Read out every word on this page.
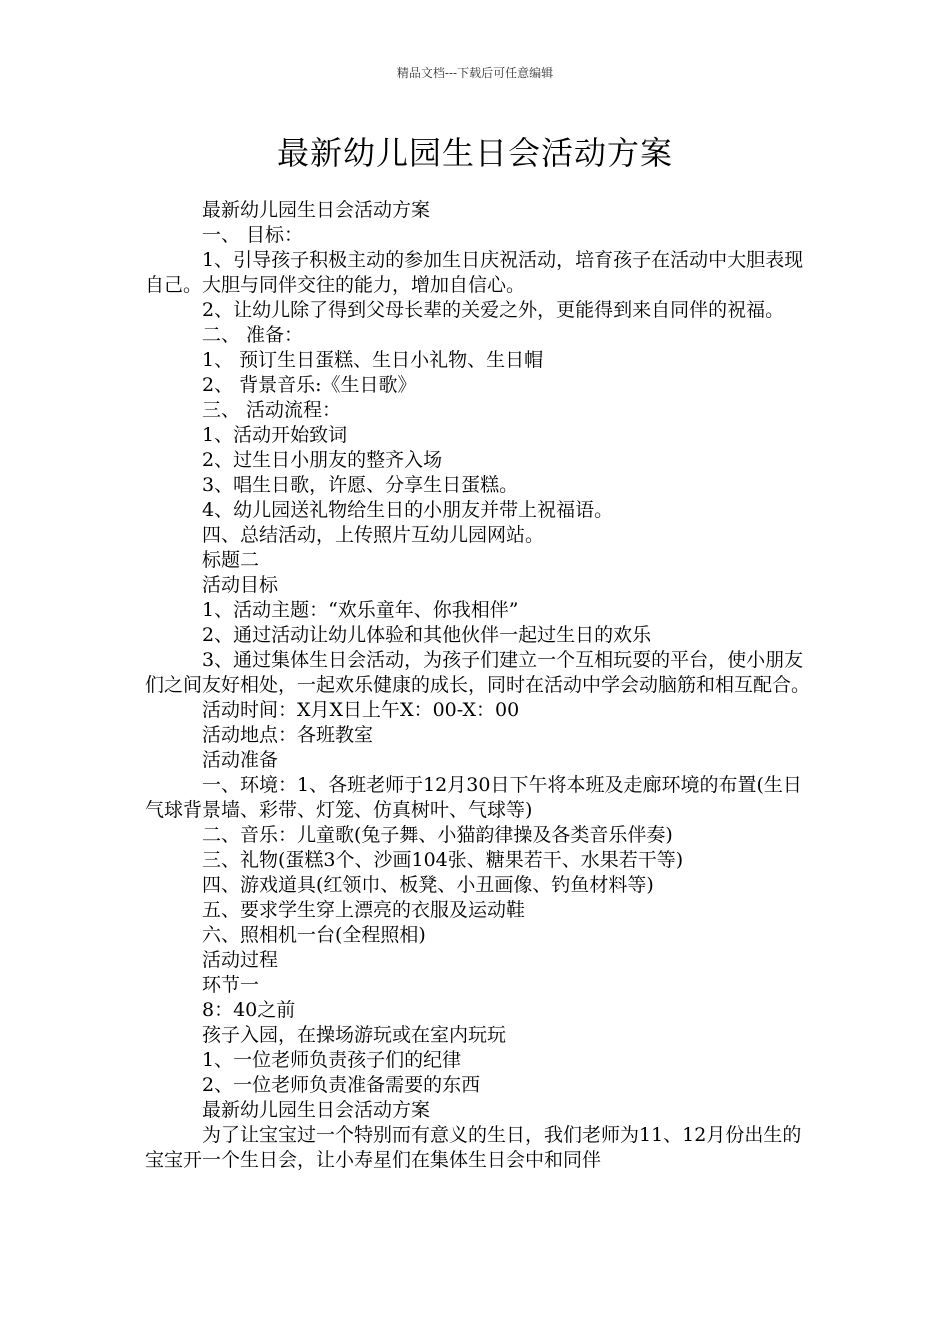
精品文档---下载后可任意编辑
最新幼儿园生日会活动方案

最新幼儿园生日会活动方案

一、 目标：

1、引导孩子积极主动的参加生日庆祝活动，培育孩子在活动中大胆表现自己。大胆与同伴交往的能力，增加自信心。

2、让幼儿除了得到父母长辈的关爱之外，更能得到来自同伴的祝福。

二、 准备：

1、 预订生日蛋糕、生日小礼物、生日帽

2、 背景音乐:《生日歌》

三、 活动流程：

1、活动开始致词

2、过生日小朋友的整齐入场

3、唱生日歌，许愿、分享生日蛋糕。

4、幼儿园送礼物给生日的小朋友并带上祝福语。

四、总结活动，上传照片互幼儿园网站。

标题二

活动目标

1、活动主题：“欢乐童年、你我相伴”

2、通过活动让幼儿体验和其他伙伴一起过生日的欢乐

3、通过集体生日会活动，为孩子们建立一个互相玩耍的平台，使小朋友们之间友好相处，一起欢乐健康的成长，同时在活动中学会动脑筋和相互配合。

活动时间：X月X日上午X：00-X：00

活动地点：各班教室

活动准备

一、环境：1、各班老师于12月30日下午将本班及走廊环境的布置(生日气球背景墙、彩带、灯笼、仿真树叶、气球等)

二、音乐：儿童歌(兔子舞、小猫韵律操及各类音乐伴奏)

三、礼物(蛋糕3个、沙画104张、糖果若干、水果若干等)

四、游戏道具(红领巾、板凳、小丑画像、钓鱼材料等)

五、要求学生穿上漂亮的衣服及运动鞋

六、照相机一台(全程照相)

活动过程

环节一

8：40之前

孩子入园，在操场游玩或在室内玩玩

1、一位老师负责孩子们的纪律

2、一位老师负责准备需要的东西

最新幼儿园生日会活动方案

为了让宝宝过一个特别而有意义的生日，我们老师为11、12月份出生的宝宝开一个生日会，让小寿星们在集体生日会中和同伴
